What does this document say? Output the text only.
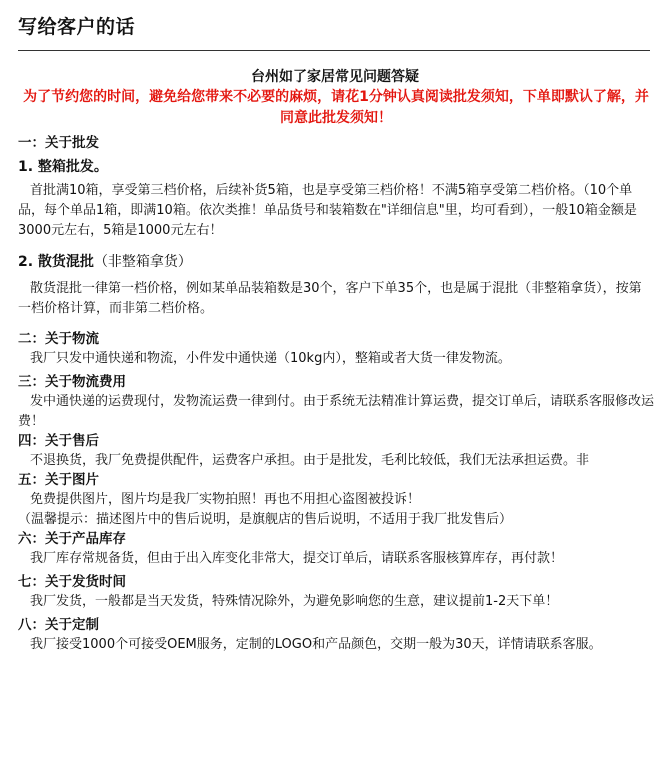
写给客户的话
台州如了家居常见问题答疑
为了节约您的时间，避免给您带来不必要的麻烦，请花1分钟认真阅读批发须知，下单即默认了解，并同意此批发须知！

一：关于批发

1. 整箱批发。

首批满10箱，享受第三档价格，后续补货5箱，也是享受第三档价格！不满5箱享受第二档价格。（10个单品，每个单品1箱，即满10箱。依次类推！单品货号和装箱数在"详细信息"里，均可看到），一般10箱金额是3000元左右，5箱是1000元左右！

2. 散货混批（非整箱拿货）

散货混批一律第一档价格，例如某单品装箱数是30个，客户下单35个，也是属于混批（非整箱拿货），按第一档价格计算，而非第二档价格。

二：关于物流

我厂只发中通快递和物流，小件发中通快递（10kg内），整箱或者大货一律发物流。

三：关于物流费用

发中通快递的运费现付，发物流运费一律到付。由于系统无法精准计算运费，提交订单后，请联系客服修改运费！

四：关于售后

不退换货，我厂免费提供配件，运费客户承担。由于是批发，毛利比较低，我们无法承担运费。非

五：关于图片

免费提供图片，图片均是我厂实物拍照！再也不用担心盗图被投诉！

（温馨提示：描述图片中的售后说明，是旗舰店的售后说明，不适用于我厂批发售后）

六：关于产品库存

我厂库存常规备货，但由于出入库变化非常大，提交订单后，请联系客服核算库存，再付款！

七：关于发货时间

我厂发货，一般都是当天发货，特殊情况除外，为避免影响您的生意，建议提前1-2天下单！

八：关于定制

我厂接受1000个可接受OEM服务，定制的LOGO和产品颜色，交期一般为30天，详情请联系客服。
